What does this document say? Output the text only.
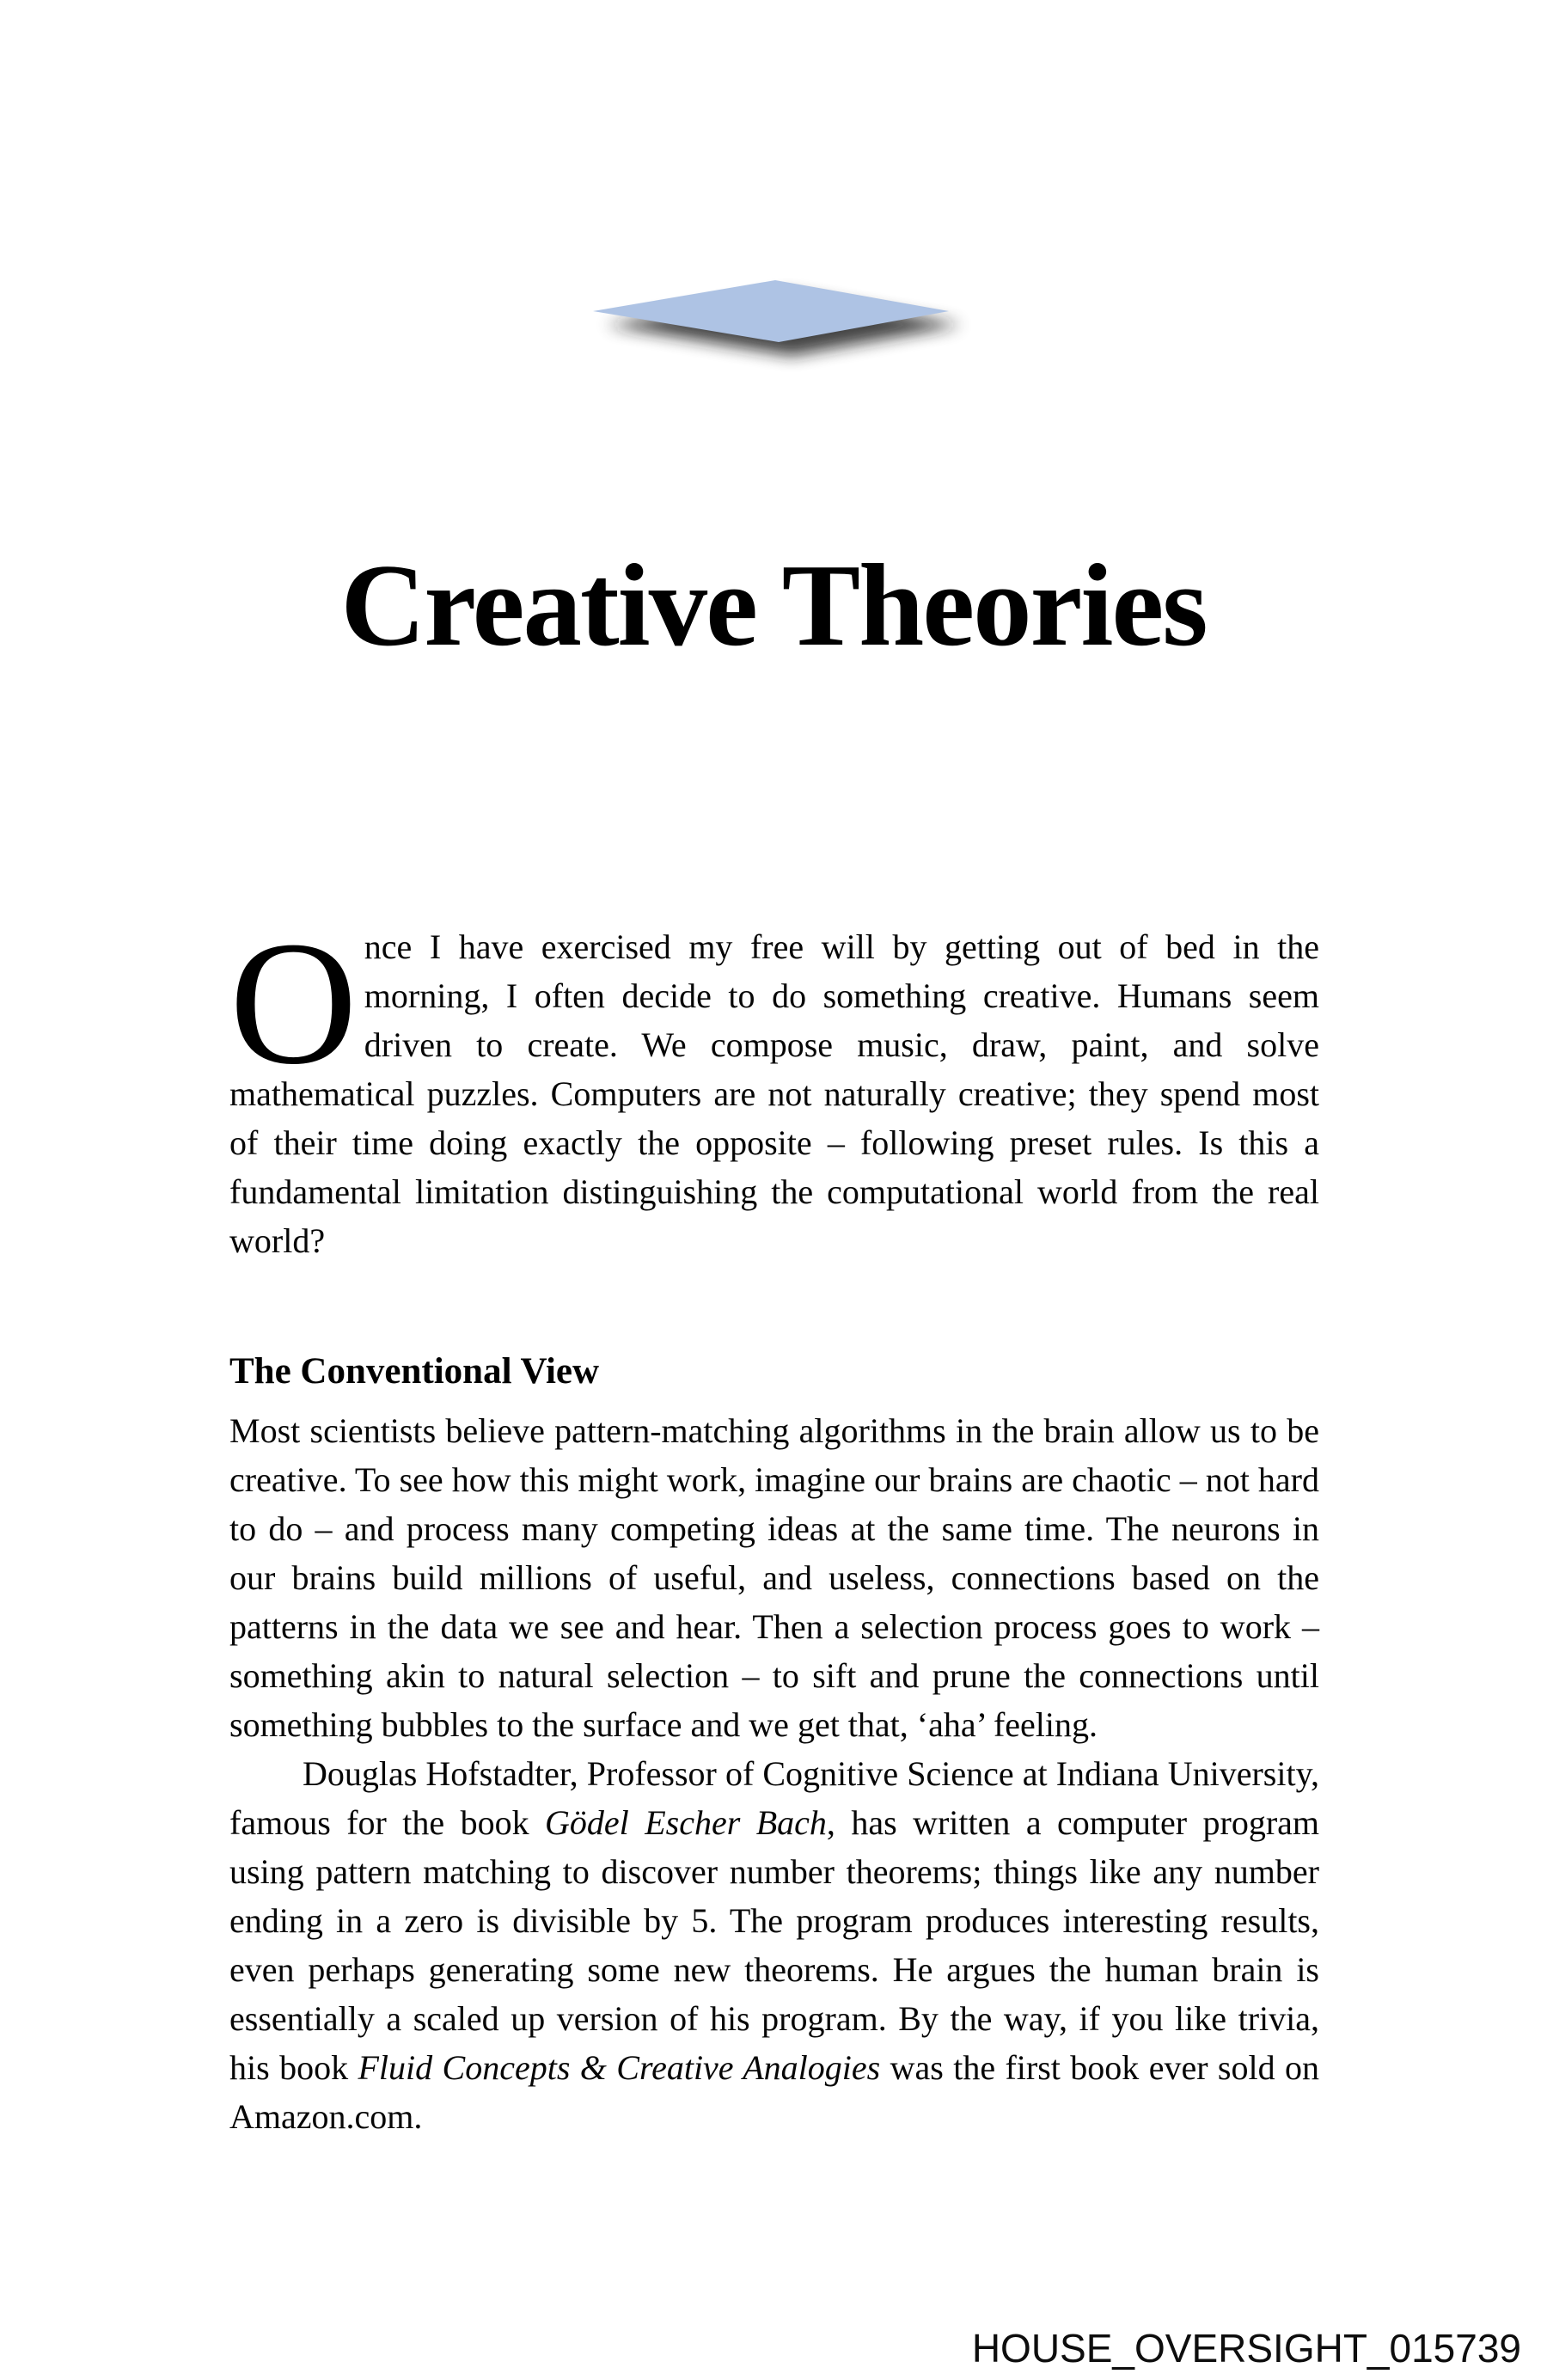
Creative Theories

Once I have exercised my free will by getting out of bed in the morning, I often decide to do something creative. Humans seem driven to create. We compose music, draw, paint, and solve mathematical puzzles. Computers are not naturally creative; they spend most of their time doing exactly the opposite – following preset rules. Is this a fundamental limitation distinguishing the computational world from the real world?

The Conventional View

Most scientists believe pattern-matching algorithms in the brain allow us to be creative. To see how this might work, imagine our brains are chaotic – not hard to do – and process many competing ideas at the same time. The neurons in our brains build millions of useful, and useless, connections based on the patterns in the data we see and hear. Then a selection process goes to work – something akin to natural selection – to sift and prune the connections until something bubbles to the surface and we get that, ‘aha’ feeling.

Douglas Hofstadter, Professor of Cognitive Science at Indiana University, famous for the book Gödel Escher Bach, has written a computer program using pattern matching to discover number theorems; things like any number ending in a zero is divisible by 5. The program produces interesting results, even perhaps generating some new theorems. He argues the human brain is essentially a scaled up version of his program. By the way, if you like trivia, his book Fluid Concepts & Creative Analogies was the first book ever sold on Amazon.com.

HOUSE_OVERSIGHT_015739
